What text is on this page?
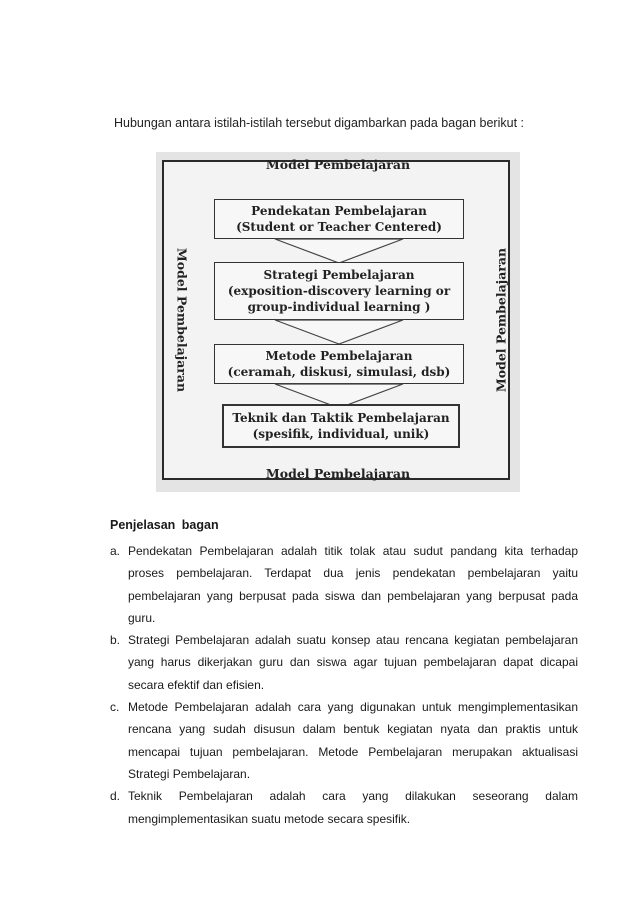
Hubungan antara istilah-istilah tersebut digambarkan pada bagan berikut :
Model Pembelajaran
Model Pembelajaran
Model Pembelajaran	Model Pembelajaran
Pendekatan Pembelajaran
(Student or Teacher Centered)
Strategi Pembelajaran
(exposition-discovery learning or
group-individual learning )
Metode Pembelajaran
(ceramah, diskusi, simulasi, dsb)
Teknik dan Taktik Pembelajaran
(spesifik, individual, unik)
Penjelasan bagan
a. Pendekatan Pembelajaran adalah titik tolak atau sudut pandang kita terhadap proses pembelajaran. Terdapat dua jenis pendekatan pembelajaran yaitu pembelajaran yang berpusat pada siswa dan pembelajaran yang berpusat pada guru.
b. Strategi Pembelajaran adalah suatu konsep atau rencana kegiatan pembelajaran yang harus dikerjakan guru dan siswa agar tujuan pembelajaran dapat dicapai secara efektif dan efisien.
c. Metode Pembelajaran adalah cara yang digunakan untuk mengimplementasikan rencana yang sudah disusun dalam bentuk kegiatan nyata dan praktis untuk mencapai tujuan pembelajaran. Metode Pembelajaran merupakan aktualisasi Strategi Pembelajaran.
d. Teknik Pembelajaran adalah cara yang dilakukan seseorang dalam
mengimplementasikan suatu metode secara spesifik.
